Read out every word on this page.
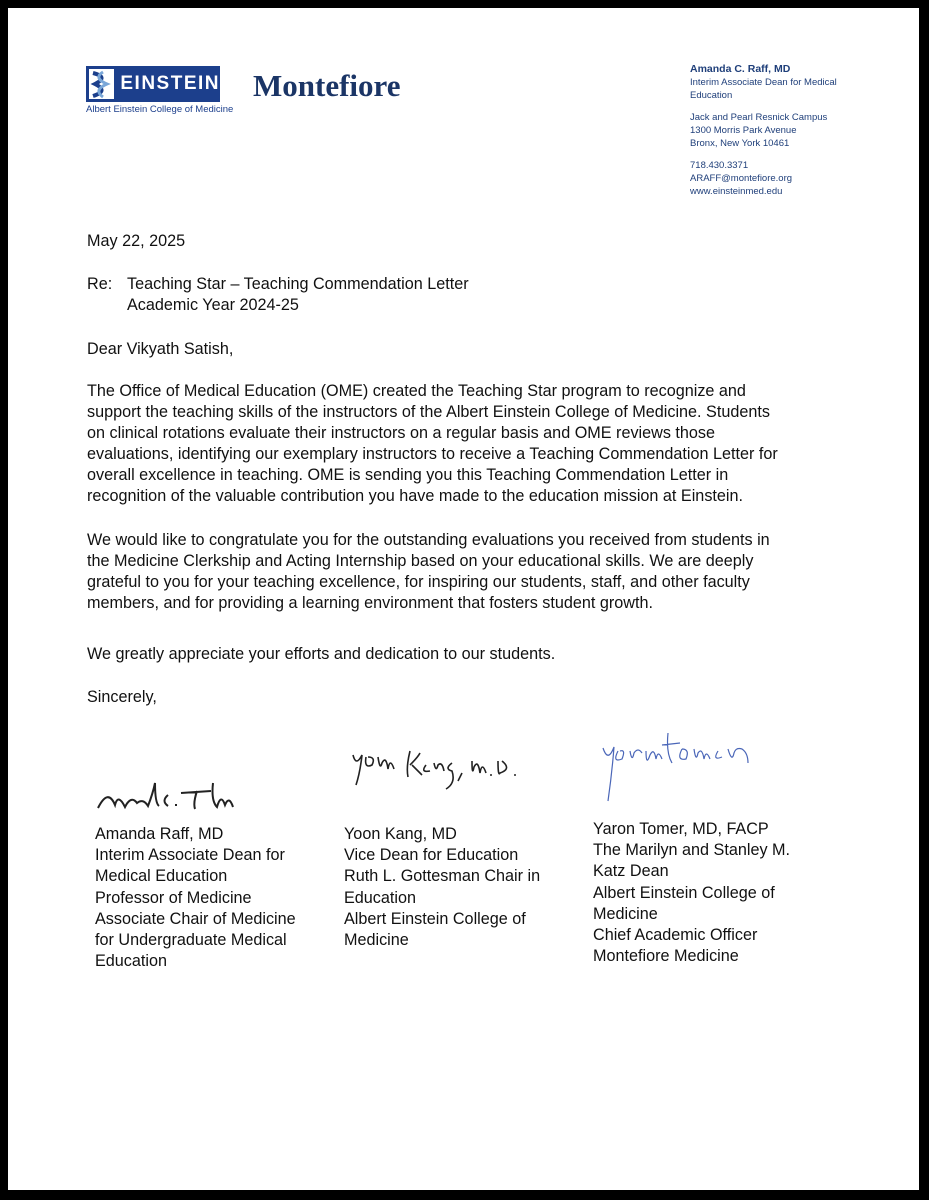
EINSTEIN
Albert Einstein College of Medicine
Montefiore	Amanda C. Raff, MD
Interim Associate Dean for Medical
Education
Jack and Pearl Resnick Campus
1300 Morris Park Avenue
Bronx, New York 10461
718.430.3371
ARAFF@montefiore.org
www.einsteinmed.edu
May 22, 2025
Re: Teaching Star – Teaching Commendation Letter
Academic Year 2024-25
Dear Vikyath Satish,
The Office of Medical Education (OME) created the Teaching Star program to recognize and
support the teaching skills of the instructors of the Albert Einstein College of Medicine. Students
on clinical rotations evaluate their instructors on a regular basis and OME reviews those
evaluations, identifying our exemplary instructors to receive a Teaching Commendation Letter for
overall excellence in teaching. OME is sending you this Teaching Commendation Letter in
recognition of the valuable contribution you have made to the education mission at Einstein.
We would like to congratulate you for the outstanding evaluations you received from students in
the Medicine Clerkship and Acting Internship based on your educational skills. We are deeply
grateful to you for your teaching excellence, for inspiring our students, staff, and other faculty
members, and for providing a learning environment that fosters student growth.
We greatly appreciate your efforts and dedication to our students.
Sincerely,
Amanda Raff, MD
Interim Associate Dean for
Medical Education
Professor of Medicine
Associate Chair of Medicine
for Undergraduate Medical
Education
Yoon Kang, MD
Vice Dean for Education
Ruth L. Gottesman Chair in
Education
Albert Einstein College of
Medicine
Yaron Tomer, MD, FACP
The Marilyn and Stanley M.
Katz Dean
Albert Einstein College of
Medicine
Chief Academic Officer
Montefiore Medicine
